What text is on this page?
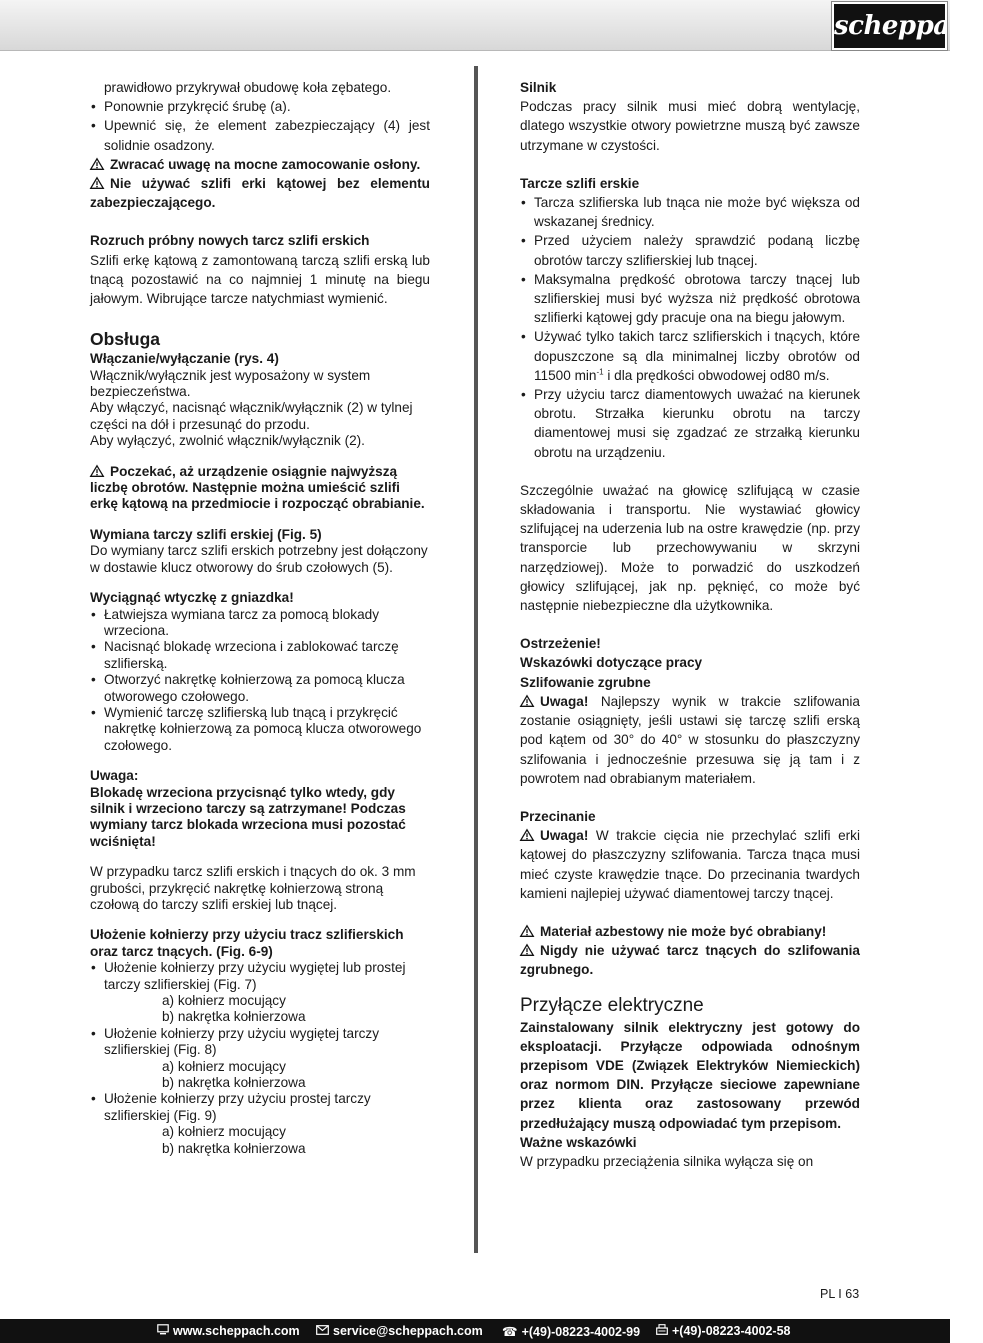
scheppach

• prawidłowo przykrywał obudowę koła zębatego.
• Ponownie przykręcić śrubę (a).
• Upewnić się, że element zabezpieczający (4) jest solidnie osadzony.

Zwracać uwagę na mocne zamocowanie osłony.

Nie używać szlifi erki kątowej bez elementu zabezpieczającego.

Rozruch próbny nowych tarcz szlifi erskich

Szlifi erkę kątową z zamontowaną tarczą szlifi erską lub tnącą pozostawić na co najmniej 1 minutę na biegu jałowym. Wibrujące tarcze natychmiast wymienić.

Obsługa

Włączanie/wyłączanie (rys. 4)

Włącznik/wyłącznik jest wyposażony w system bezpieczeństwa.

Aby włączyć, nacisnąć włącznik/wyłącznik (2) w tylnej części na dół i przesunąć do przodu.

Aby wyłączyć, zwolnić włącznik/wyłącznik (2).

Poczekać, aż urządzenie osiągnie najwyższą liczbę obrotów. Następnie można umieścić szlifi erkę kątową na przedmiocie i rozpocząć obrabianie.

Wymiana tarczy szlifi erskiej (Fig. 5)

Do wymiany tarcz szlifi erskich potrzebny jest dołączony w dostawie klucz otworowy do śrub czołowych (5).

Wyciągnąć wtyczkę z gniazdka!

• Łatwiejsza wymiana tarcz za pomocą blokady wrzeciona.
• Nacisnąć blokadę wrzeciona i zablokować tarczę szlifierską.
• Otworzyć nakrętkę kołnierzową za pomocą klucza otworowego czołowego.
• Wymienić tarczę szlifierską lub tnącą i przykręcić nakrętkę kołnierzową za pomocą klucza otworowego czołowego.

Uwaga:

Blokadę wrzeciona przycisnąć tylko wtedy, gdy silnik i wrzeciono tarczy są zatrzymane! Podczas wymiany tarcz blokada wrzeciona musi pozostać wciśnięta!

W przypadku tarcz szlifi erskich i tnących do ok. 3 mm grubości, przykręcić nakrętkę kołnierzową stroną czołową do tarczy szlifi erskiej lub tnącej.

Ułożenie kołnierzy przy użyciu tracz szlifierskich oraz tarcz tnących. (Fig. 6-9)

• Ułożenie kołnierzy przy użyciu wygiętej lub prostej tarczy szlifierskiej (Fig. 7)
a) kołnierz mocujący
b) nakrętka kołnierzowa
• Ułożenie kołnierzy przy użyciu wygiętej tarczy szlifierskiej (Fig. 8)
a) kołnierz mocujący
b) nakrętka kołnierzowa
• Ułożenie kołnierzy przy użyciu prostej tarczy szlifierskiej (Fig. 9)
a) kołnierz mocujący
b) nakrętka kołnierzowa

Silnik

Podczas pracy silnik musi mieć dobrą wentylację, dlatego wszystkie otwory powietrzne muszą być zawsze utrzymane w czystości.

Tarcze szlifi erskie

• Tarcza szlifierska lub tnąca nie może być większa od wskazanej średnicy.
• Przed użyciem należy sprawdzić podaną liczbę obrotów tarczy szlifierskiej lub tnącej.
• Maksymalna prędkość obrotowa tarczy tnącej lub szlifierskiej musi być wyższa niż prędkość obrotowa szlifierki kątowej gdy pracuje ona na biegu jałowym.
• Używać tylko takich tarcz szlifierskich i tnących, które dopuszczone są dla minimalnej liczby obrotów od 11500 $\min^{-1} i$ dla prędkości obwodowej od80 m/s.
• Przy użyciu tarcz diamentowych uważać na kierunek obrotu. Strzałka kierunku obrotu na tarczy diamentowej musi się zgadzać ze strzałką kierunku obrotu na urządzeniu.

Szczególnie uważać na głowicę szlifującą w czasie składowania i transportu. Nie wystawiać głowicy szlifującej na uderzenia lub na ostre krawędzie (np. przy transporcie lub przechowywaniu w skrzyni narzędziowej). Może to porwadzić do uszkodzeń głowicy szlifującej, jak np. pęknięć, co może być następnie niebezpieczne dla użytkownika.

Ostrzeżenie!

Wskazówki dotyczące pracy

Szlifowanie zgrubne

Uwaga! Najlepszy wynik w trakcie szlifowania zostanie osiągnięty, jeśli ustawi się tarczę szlifi erską pod kątem od 30° do 40° w stosunku do płaszczyzny szlifowania i jednocześnie przesuwa się ją tam i z powrotem nad obrabianym materiałem.

Przecinanie

Uwaga! W trakcie cięcia nie przechylać szlifi erki kątowej do płaszczyzny szlifowania. Tarcza tnąca musi mieć czyste krawędzie tnące. Do przecinania twardych kamieni najlepiej używać diamentowej tarczy tnącej.

Materiał azbestowy nie może być obrabiany!

Nigdy nie używać tarcz tnących do szlifowania zgrubnego.

Przyłącze elektryczne

Zainstalowany silnik elektryczny jest gotowy do eksploatacji. Przyłącze odpowiada odnośnym przepisom VDE (Związek Elektryków Niemieckich) oraz normom DIN. Przyłącze sieciowe zapewniane przez klienta oraz zastosowany przewód przedłużający muszą odpowiadać tym przepisom.

Ważne wskazówki

W przypadku przeciążenia silnika wyłącza się on

PL I 63
www.scheppach.com	service@scheppach.com ☎ +(49)-08223-4002-99	+(49)-08223-4002-58
